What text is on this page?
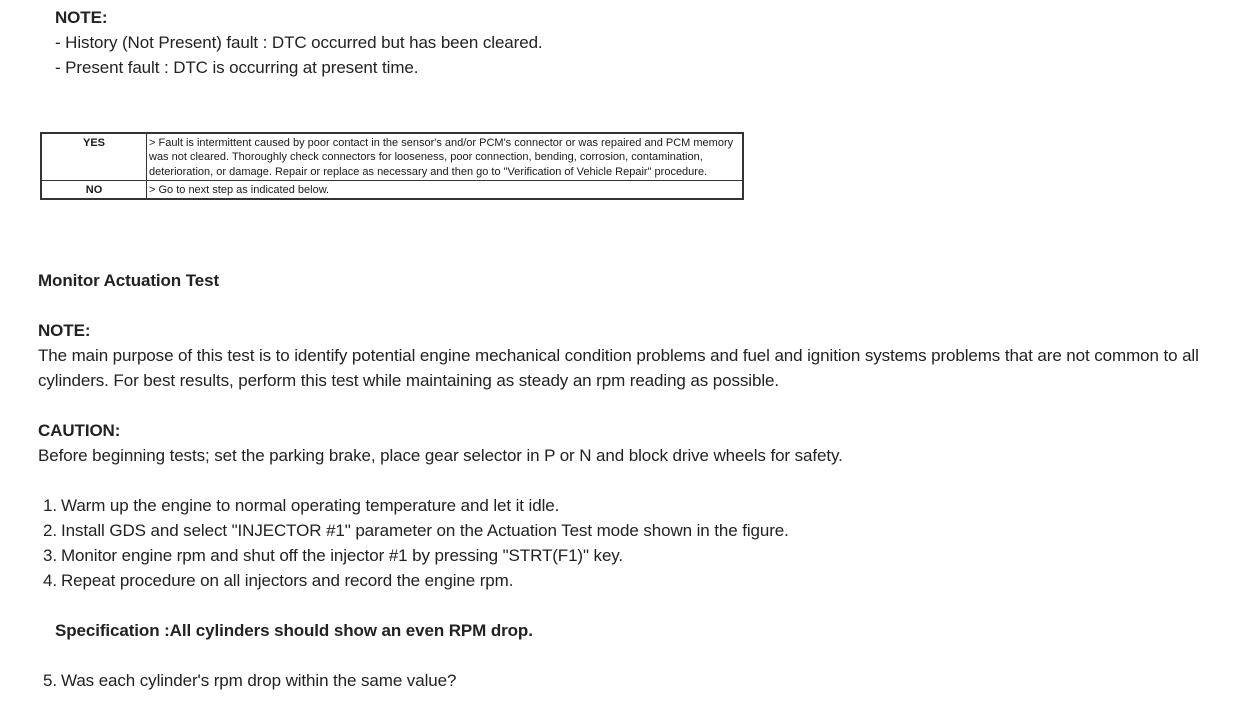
NOTE:
- History (Not Present) fault : DTC occurred but has been cleared.
- Present fault : DTC is occurring at present time.
YES	> Fault is intermittent caused by poor contact in the sensor's and/or PCM's connector or was repaired and PCM memory was not cleared. Thoroughly check connectors for looseness, poor connection, bending, corrosion, contamination, deterioration, or damage. Repair or replace as necessary and then go to "Verification of Vehicle Repair" procedure.
NO	> Go to next step as indicated below.
Monitor Actuation Test
NOTE:
The main purpose of this test is to identify potential engine mechanical condition problems and fuel and ignition systems problems that are not common to all cylinders. For best results, perform this test while maintaining as steady an rpm reading as possible.
CAUTION:
Before beginning tests; set the parking brake, place gear selector in P or N and block drive wheels for safety.
1. Warm up the engine to normal operating temperature and let it idle.
2. Install GDS and select "INJECTOR #1" parameter on the Actuation Test mode shown in the figure.
3. Monitor engine rpm and shut off the injector #1 by pressing "STRT(F1)" key.
4. Repeat procedure on all injectors and record the engine rpm.
Specification :All cylinders should show an even RPM drop.
5. Was each cylinder's rpm drop within the same value?
